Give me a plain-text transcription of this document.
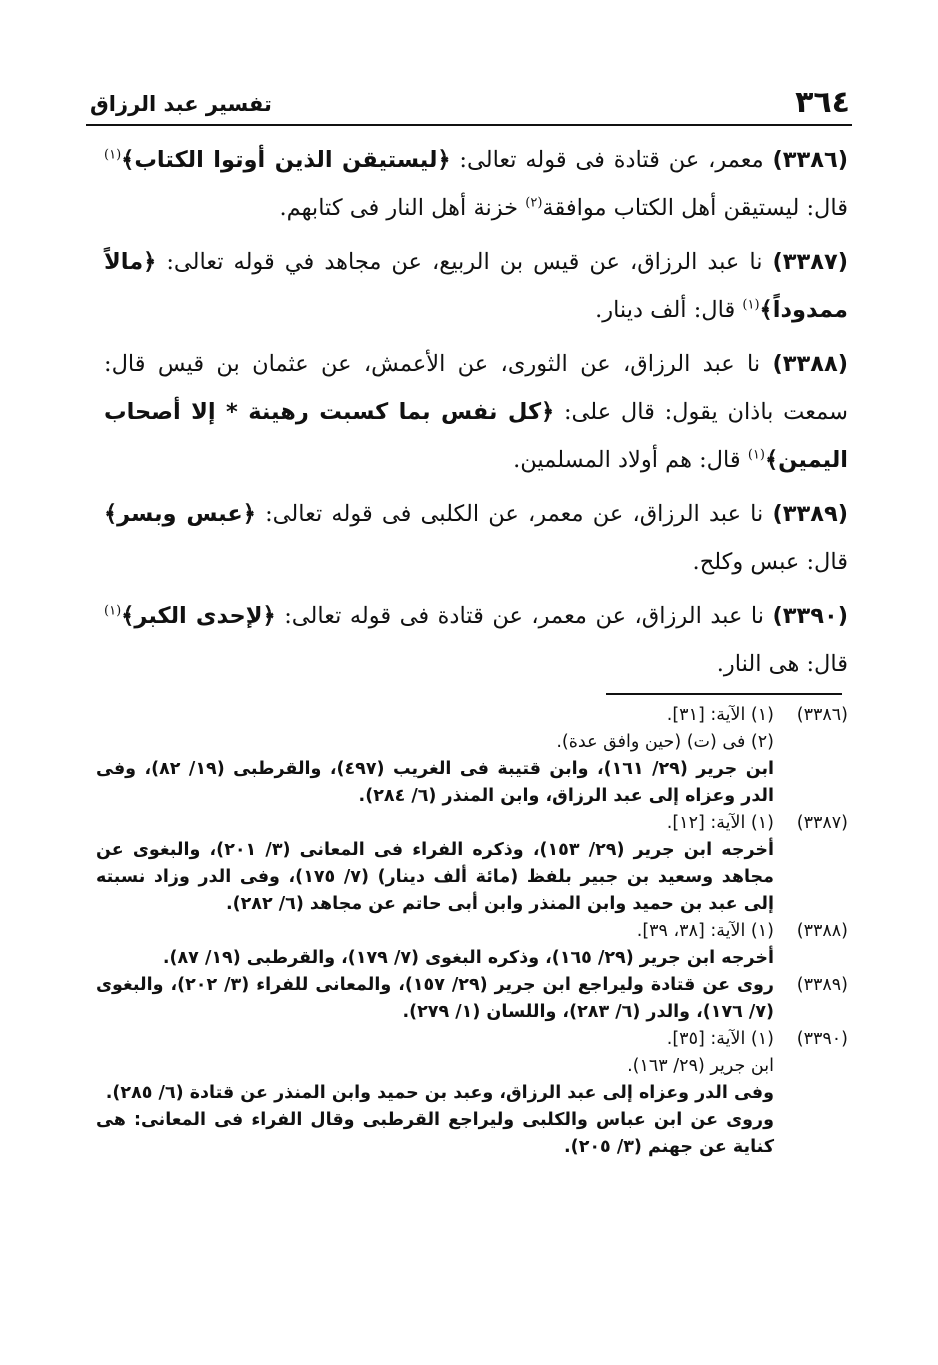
٣٦٤
تفسير عبد الرزاق

(٣٣٨٦) معمر، عن قتادة فى قوله تعالى: ﴿ليستيقن الذين أوتوا الكتاب﴾$^{(١)}$ قال: ليستيقن أهل الكتاب موافقة$^{(٢)}$ خزنة أهل النار فى كتابهم.

(٣٣٨٧) نا عبد الرزاق، عن قيس بن الربيع، عن مجاهد في قوله تعالى: ﴿مالاً ممدوداً﴾$^{(١)}$ قال: ألف دينار.

(٣٣٨٨) نا عبد الرزاق، عن الثورى، عن الأعمش، عن عثمان بن قيس قال: سمعت باذان يقول: قال على: ﴿كل نفس بما كسبت رهينة * إلا أصحاب اليمين﴾$^{(١)}$ قال: هم أولاد المسلمين.

(٣٣٨٩) نا عبد الرزاق، عن معمر، عن الكلبى فى قوله تعالى: ﴿عبس وبسر﴾ قال: عبس وكلح.

(٣٣٩٠) نا عبد الرزاق، عن معمر، عن قتادة فى قوله تعالى: ﴿لإحدى الكبر﴾$^{(١)}$ قال: هى النار.

(٣٣٨٦)
(١) الآية: [٣١].

(٢) فى (ت) (حين وافق عدة).

ابن جرير (٢٩/ ١٦١)، وابن قتيبة فى الغريب (٤٩٧)، والقرطبى (١٩/ ٨٢)، وفى الدر وعزاه إلى عبد الرزاق، وابن المنذر (٦/ ٢٨٤).

(٣٣٨٧)
(١) الآية: [١٢].

أخرجه ابن جرير (٢٩/ ١٥٣)، وذكره الفراء فى المعانى (٣/ ٢٠١)، والبغوى عن مجاهد وسعيد بن جبير بلفظ (مائة ألف دينار) (٧/ ١٧٥)، وفى الدر وزاد نسبته إلى عبد بن حميد وابن المنذر وابن أبى حاتم عن مجاهد (٦/ ٢٨٢).

(٣٣٨٨)
(١) الآية: [٣٨، ٣٩].

أخرجه ابن جرير (٢٩/ ١٦٥)، وذكره البغوى (٧/ ١٧٩)، والقرطبى (١٩/ ٨٧).

(٣٣٨٩)
روى عن قتادة وليراجع ابن جرير (٢٩/ ١٥٧)، والمعانى للفراء (٣/ ٢٠٢)، والبغوى (٧/ ١٧٦)، والدر (٦/ ٢٨٣)، واللسان (١/ ٢٧٩).
(٣٣٩٠)
(١) الآية: [٣٥].

ابن جرير (٢٩/ ١٦٣).

وفى الدر وعزاه إلى عبد الرزاق، وعبد بن حميد وابن المنذر عن قتادة (٦/ ٢٨٥).

وروى عن ابن عباس والكلبى وليراجع القرطبى وقال الفراء فى المعانى: هى كناية عن جهنم (٣/ ٢٠٥).
